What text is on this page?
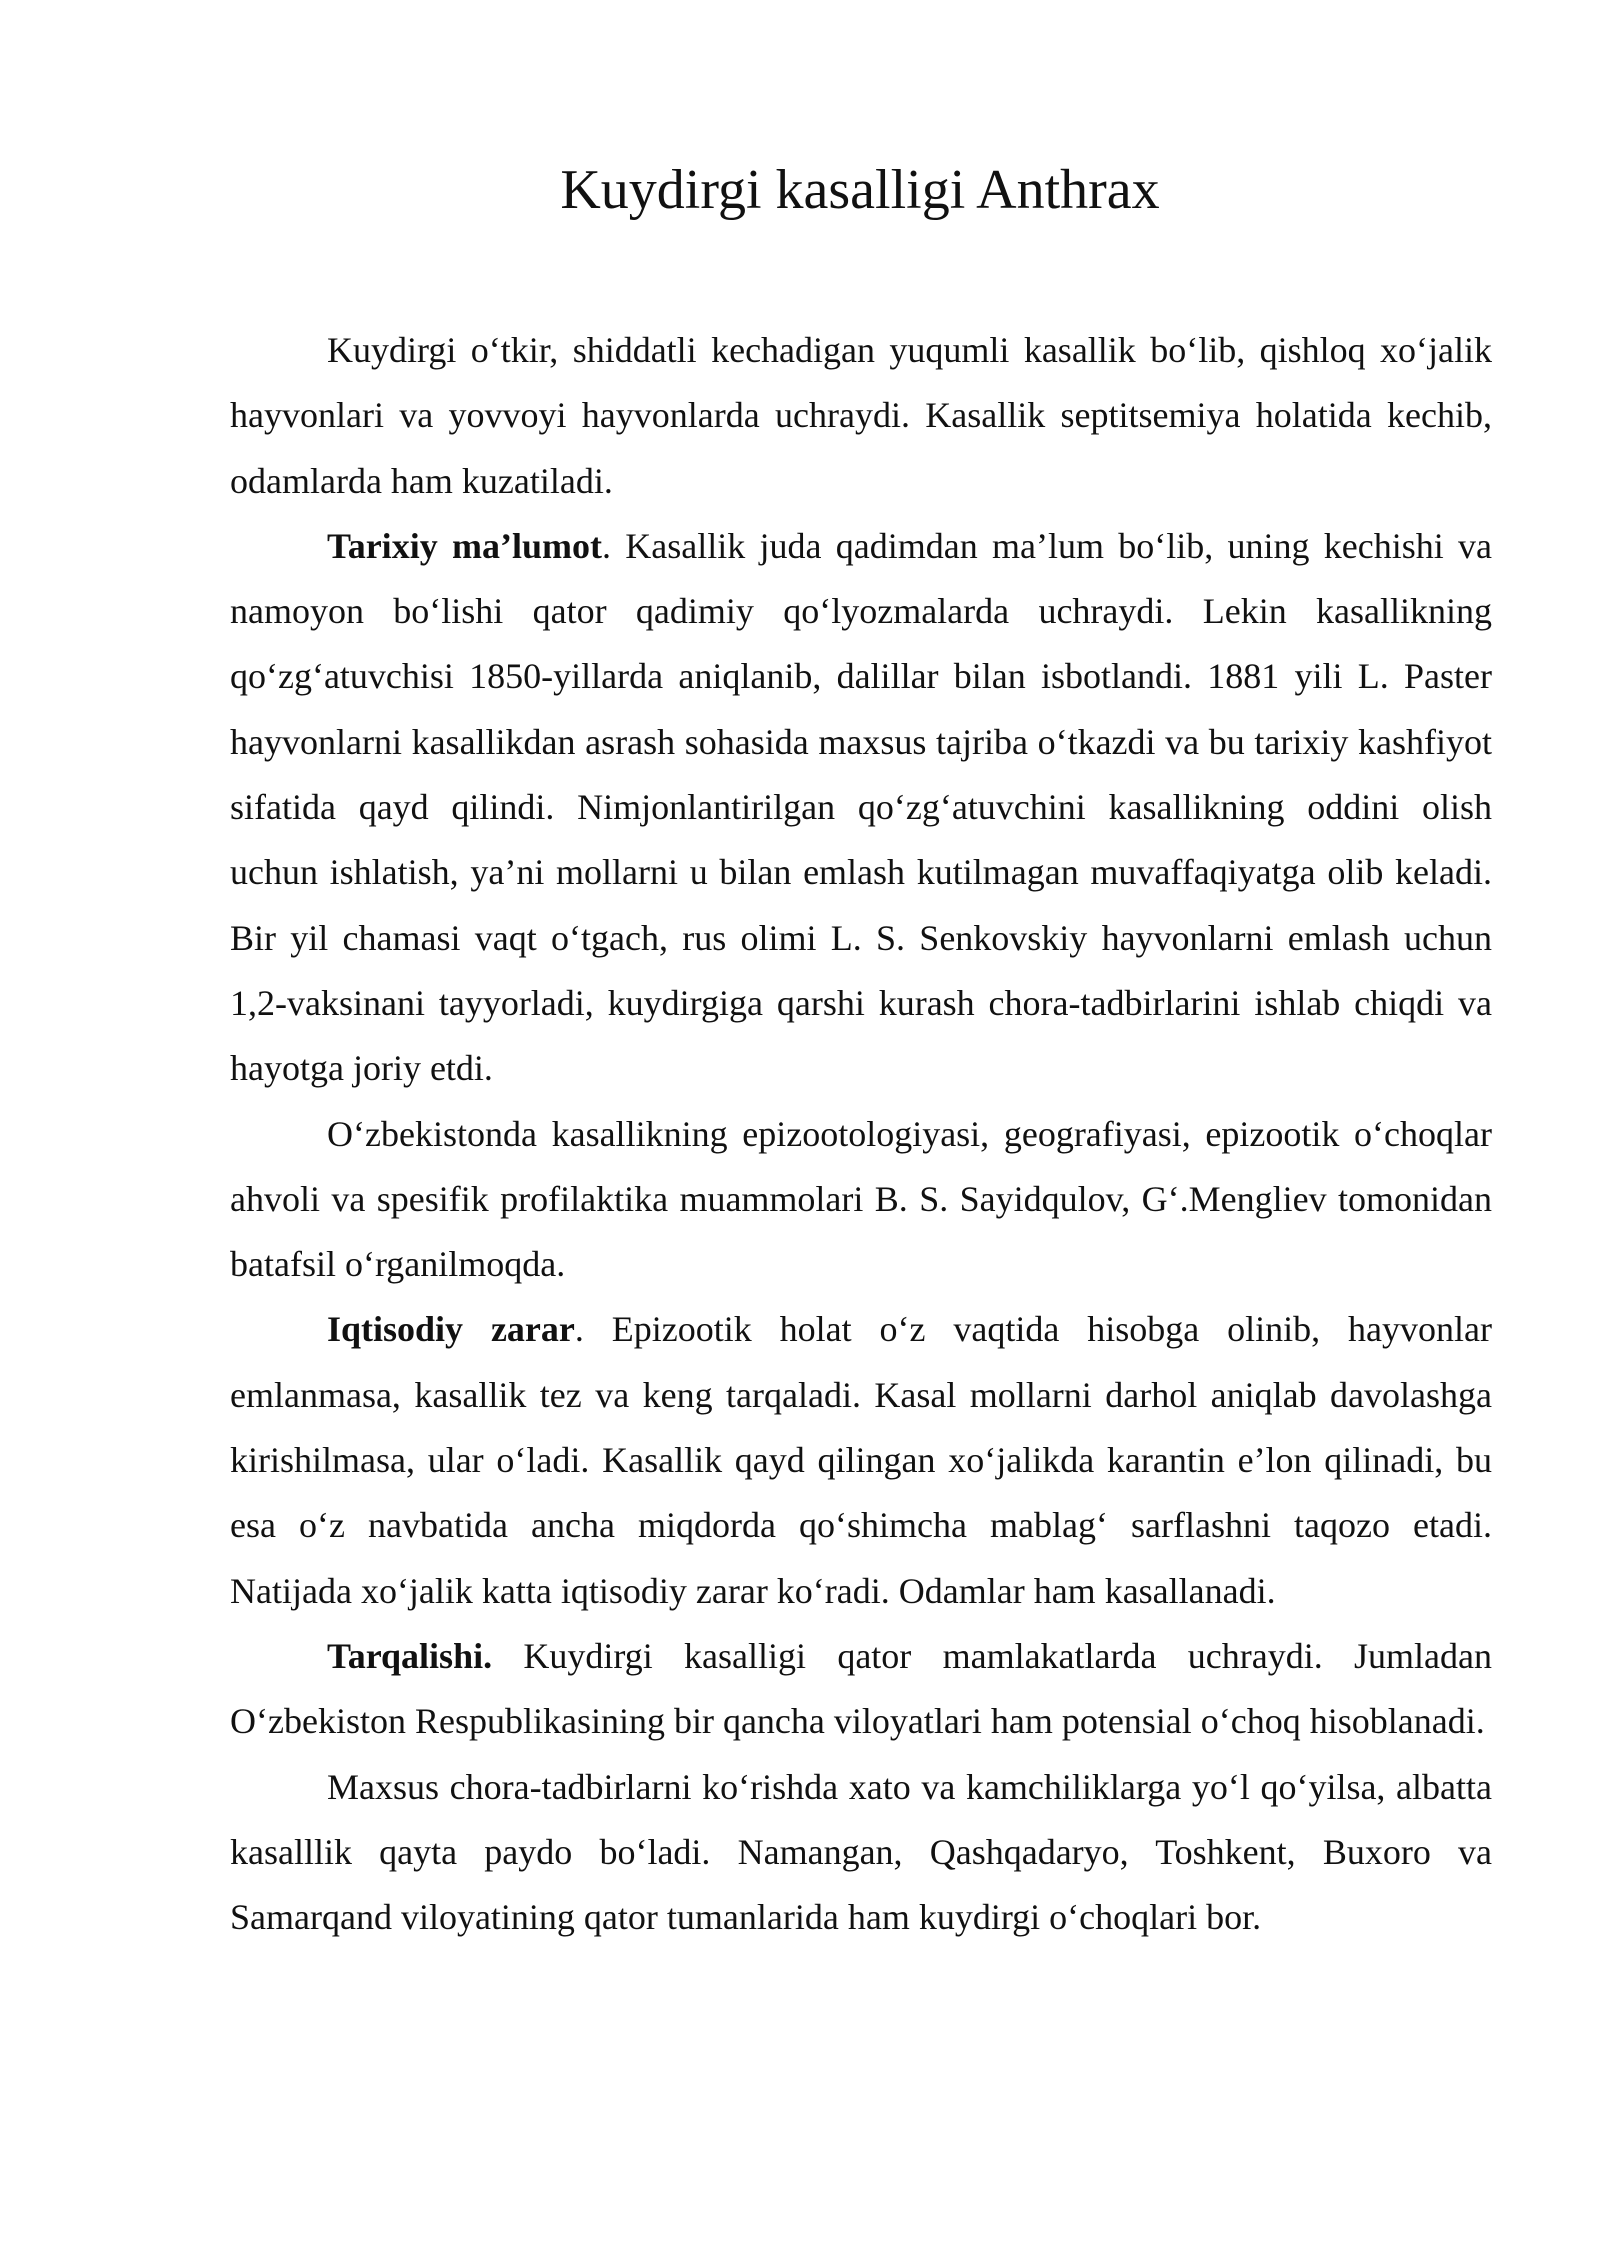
Kuydirgi kasalligi Anthrax

Kuydirgi o‘tkir, shiddatli kechadigan yuqumli kasallik bo‘lib, qishloq xo‘jalik hayvonlari va yovvoyi hayvonlarda uchraydi. Kasallik septitsemiya holatida kechib, odamlarda ham kuzatiladi.

Tarixiy ma’lumot. Kasallik juda qadimdan ma’lum bo‘lib, uning kechishi va namoyon bo‘lishi qator qadimiy qo‘lyozmalarda uchraydi. Lekin kasallikning qo‘zg‘atuvchisi 1850-yillarda aniqlanib, dalillar bilan isbotlandi. 1881 yili L. Paster hayvonlarni kasallikdan asrash sohasida maxsus tajriba o‘tkazdi va bu tarixiy kashfiyot sifatida qayd qilindi. Nimjonlantirilgan qo‘zg‘atuvchini kasallikning oddini olish uchun ishlatish, ya’ni mollarni u bilan emlash kutilmagan muvaffaqiyatga olib keladi. Bir yil chamasi vaqt o‘tgach, rus olimi L. S. Senkovskiy hayvonlarni emlash uchun 1,2-vaksinani tayyorladi, kuydirgiga qarshi kurash chora-tadbirlarini ishlab chiqdi va hayotga joriy etdi.

O‘zbekistonda kasallikning epizootologiyasi, geografiyasi, epizootik o‘choqlar ahvoli va spesifik profilaktika muammolari B. S. Sayidqulov, G‘.Mengliev tomonidan batafsil o‘rganilmoqda.

Iqtisodiy zarar. Epizootik holat o‘z vaqtida hisobga olinib, hayvonlar emlanmasa, kasallik tez va keng tarqaladi. Kasal mollarni darhol aniqlab davolashga kirishilmasa, ular o‘ladi. Kasallik qayd qilingan xo‘jalikda karantin e’lon qilinadi, bu esa o‘z navbatida ancha miqdorda qo‘shimcha mablag‘ sarflashni taqozo etadi. Natijada xo‘jalik katta iqtisodiy zarar ko‘radi. Odamlar ham kasallanadi.

Tarqalishi. Kuydirgi kasalligi qator mamlakatlarda uchraydi. Jumladan O‘zbekiston Respublikasining bir qancha viloyatlari ham potensial o‘choq hisoblanadi.

Maxsus chora-tadbirlarni ko‘rishda xato va kamchiliklarga yo‘l qo‘yilsa, albatta kasalllik qayta paydo bo‘ladi. Namangan, Qashqadaryo, Toshkent, Buxoro va Samarqand viloyatining qator tumanlarida ham kuydirgi o‘choqlari bor.
